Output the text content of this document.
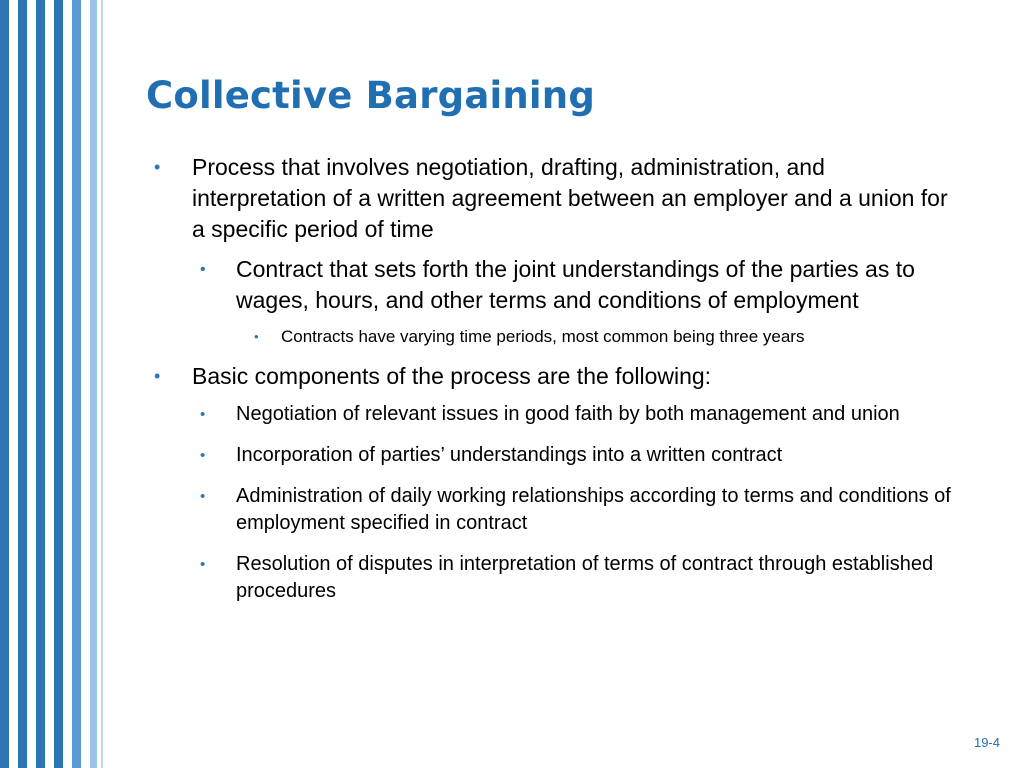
Collective Bargaining
• Process that involves negotiation, drafting, administration, and interpretation of a written agreement between an employer and a union for a specific period of time
• Contract that sets forth the joint understandings of the parties as to wages, hours, and other terms and conditions of employment
• Contracts have varying time periods, most common being three years
• Basic components of the process are the following:
• Negotiation of relevant issues in good faith by both management and union
• Incorporation of parties’ understandings into a written contract
• Administration of daily working relationships according to terms and conditions of employment specified in contract
• Resolution of disputes in interpretation of terms of contract through established procedures
19-4
